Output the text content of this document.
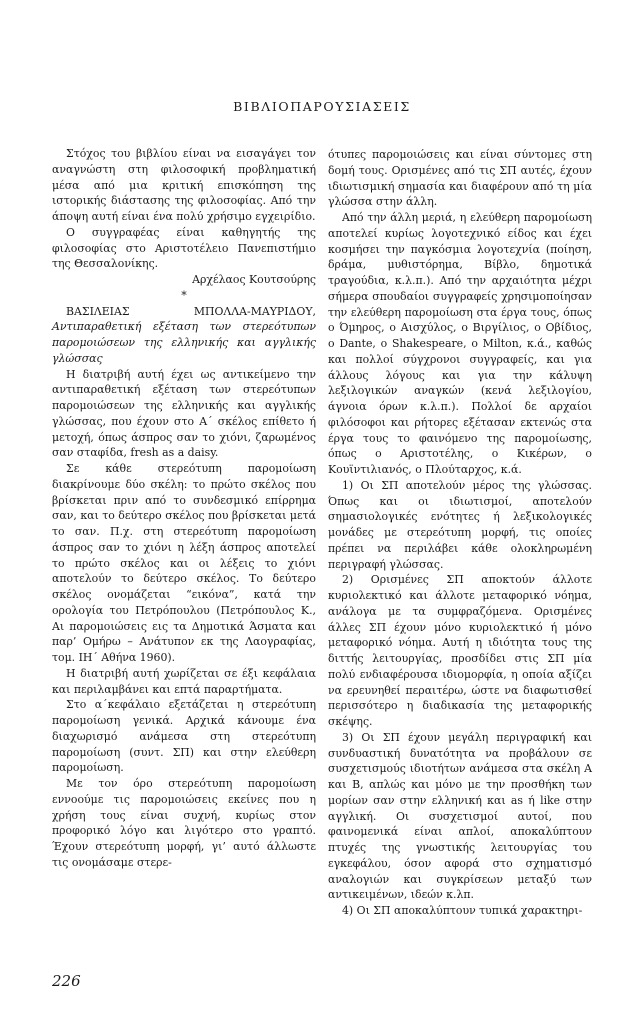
ΒΙΒΛΙΟΠΑΡΟΥΣΙΑΣΕΙΣ

Στόχος του βιβλίου είναι να εισαγάγει τον αναγνώστη στη φιλοσοφική προβληματική μέσα από μια κριτική επισκόπηση της ιστορικής διάστασης της φιλοσοφίας. Από την άποψη αυτή είναι ένα πολύ χρήσιμο εγχειρίδιο.

Ο συγγραφέας είναι καθηγητής της φιλοσοφίας στο Αριστοτέλειο Πανεπιστήμιο της Θεσσαλονίκης.

Αρχέλαος Κουτσούρης

*

ΒΑΣΙΛΕΙΑΣ ΜΠΟΛΛΑ-ΜΑΥΡΙΔΟΥ, Αντιπαραθετική εξέταση των στερεότυπων παρομοιώσεων της ελληνικής και αγγλικής γλώσσας

Η διατριβή αυτή έχει ως αντικείμενο την αντιπαραθετική εξέταση των στερεότυπων παρομοιώσεων της ελληνικής και αγγλικής γλώσσας, που έχουν στο Α΄ σκέλος επίθετο ή μετοχή, όπως άσπρος σαν το χιόνι, ζαρωμένος σαν σταφίδα, fresh as a daisy.

Σε κάθε στερεότυπη παρομοίωση διακρίνουμε δύο σκέλη: το πρώτο σκέλος που βρίσκεται πριν από το συνδεσμικό επίρρημα σαν, και το δεύτερο σκέλος που βρίσκεται μετά το σαν. Π.χ. στη στερεότυπη παρομοίωση άσπρος σαν το χιόνι η λέξη άσπρος αποτελεί το πρώτο σκέλος και οι λέξεις το χιόνι αποτελούν το δεύτερο σκέλος. Το δεύτερο σκέλος ονομάζεται “εικόνα”, κατά την ορολογία του Πετρόπουλου (Πετρόπουλος Κ., Αι παρομοιώσεις εις τα Δημοτικά Άσματα και παρ’ Ομήρω – Ανάτυπον εκ της Λαογραφίας, τομ. ΙΗ΄ Αθήνα 1960).

Η διατριβή αυτή χωρίζεται σε έξι κεφάλαια και περιλαμβάνει και επτά παραρτήματα.

Στο α΄κεφάλαιο εξετάζεται η στερεότυπη παρομοίωση γενικά. Αρχικά κάνουμε ένα διαχωρισμό ανάμεσα στη στερεότυπη παρομοίωση (συντ. ΣΠ) και στην ελεύθερη παρομοίωση.

Με τον όρο στερεότυπη παρομοίωση εννοούμε τις παρομοιώσεις εκείνες που η χρήση τους είναι συχνή, κυρίως στον προφορικό λόγο και λιγότερο στο γραπτό. Έχουν στερεότυπη μορφή, γι’ αυτό άλλωστε τις ονομάσαμε στερε-

ότυπες παρομοιώσεις και είναι σύντομες στη δομή τους. Ορισμένες από τις ΣΠ αυτές, έχουν ιδιωτισμική σημασία και διαφέρουν από τη μία γλώσσα στην άλλη.

Από την άλλη μεριά, η ελεύθερη παρομοίωση αποτελεί κυρίως λογοτεχνικό είδος και έχει κοσμήσει την παγκόσμια λογοτεχνία (ποίηση, δράμα, μυθιστόρημα, Βίβλο, δημοτικά τραγούδια, κ.λ.π.). Από την αρχαιότητα μέχρι σήμερα σπουδαίοι συγγραφείς χρησιμοποίησαν την ελεύθερη παρομοίωση στα έργα τους, όπως ο Όμηρος, ο Αισχύλος, ο Βιργίλιος, ο Οβίδιος, ο Dante, ο Shakespeare, ο Milton, κ.ά., καθώς και πολλοί σύγχρονοι συγγραφείς, και για άλλους λόγους και για την κάλυψη λεξιλογικών αναγκών (κενά λεξιλογίου, άγνοια όρων κ.λ.π.). Πολλοί δε αρχαίοι φιλόσοφοι και ρήτορες εξέτασαν εκτενώς στα έργα τους το φαινόμενο της παρομοίωσης, όπως ο Αριστοτέλης, ο Κικέρων, ο Κουϊντιλιανός, ο Πλούταρχος, κ.ά.

1) Οι ΣΠ αποτελούν μέρος της γλώσσας. Όπως και οι ιδιωτισμοί, αποτελούν σημασιολογικές ενότητες ή λεξικολογικές μονάδες με στερεότυπη μορφή, τις οποίες πρέπει να περιλάβει κάθε ολοκληρωμένη περιγραφή γλώσσας.

2) Ορισμένες ΣΠ αποκτούν άλλοτε κυριολεκτικό και άλλοτε μεταφορικό νόημα, ανάλογα με τα συμφραζόμενα. Ορισμένες άλλες ΣΠ έχουν μόνο κυριολεκτικό ή μόνο μεταφορικό νόημα. Αυτή η ιδιότητα τους της διττής λειτουργίας, προσδίδει στις ΣΠ μία πολύ ενδιαφέρουσα ιδιομορφία, η οποία αξίζει να ερευνηθεί περαιτέρω, ώστε να διαφωτισθεί περισσότερο η διαδικασία της μεταφορικής σκέψης.

3) Οι ΣΠ έχουν μεγάλη περιγραφική και συνδυαστική δυνατότητα να προβάλουν σε συσχετισμούς ιδιοτήτων ανάμεσα στα σκέλη Α και Β, απλώς και μόνο με την προσθήκη των μορίων σαν στην ελληνική και as ή like στην αγγλική. Οι συσχετισμοί αυτοί, που φαινομενικά είναι απλοί, αποκαλύπτουν πτυχές της γνωστικής λειτουργίας του εγκεφάλου, όσον αφορά στο σχηματισμό αναλογιών και συγκρίσεων μεταξύ των αντικειμένων, ιδεών κ.λπ.

4) Οι ΣΠ αποκαλύπτουν τυπικά χαρακτηρι-

226
